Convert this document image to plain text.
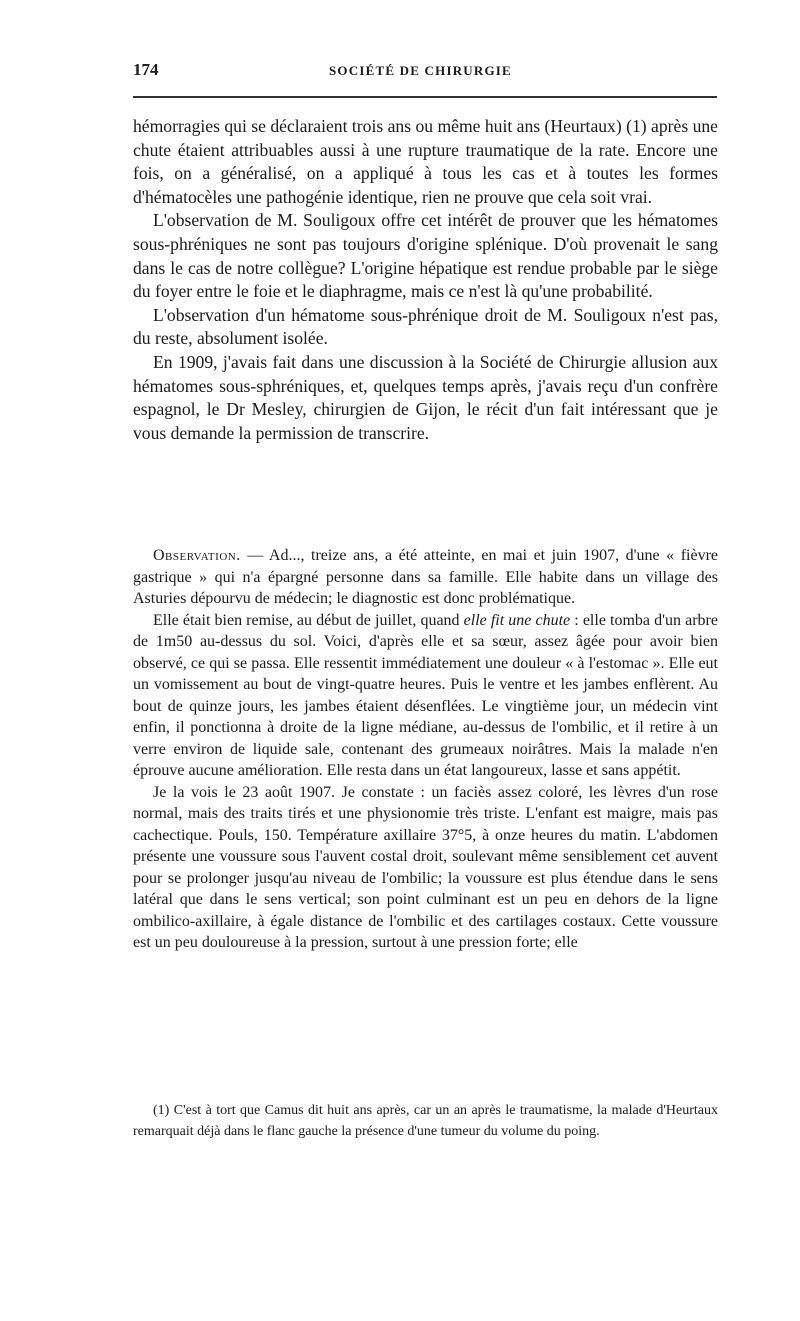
174	SOCIÉTÉ DE CHIRURGIE

hémorragies qui se déclaraient trois ans ou même huit ans (Heurtaux) (1) après une chute étaient attribuables aussi à une rupture traumatique de la rate. Encore une fois, on a généralisé, on a appliqué à tous les cas et à toutes les formes d'hématocèles une pathogénie identique, rien ne prouve que cela soit vrai.

L'observation de M. Souligoux offre cet intérêt de prouver que les hématomes sous-phréniques ne sont pas toujours d'origine splénique. D'où provenait le sang dans le cas de notre collègue? L'origine hépatique est rendue probable par le siège du foyer entre le foie et le diaphragme, mais ce n'est là qu'une probabilité.

L'observation d'un hématome sous-phrénique droit de M. Souligoux n'est pas, du reste, absolument isolée.

En 1909, j'avais fait dans une discussion à la Société de Chirurgie allusion aux hématomes sous-sphréniques, et, quelques temps après, j'avais reçu d'un confrère espagnol, le Dr Mesley, chirurgien de Gijon, le récit d'un fait intéressant que je vous demande la permission de transcrire.

Observation. — Ad..., treize ans, a été atteinte, en mai et juin 1907, d'une « fièvre gastrique » qui n'a épargné personne dans sa famille. Elle habite dans un village des Asturies dépourvu de médecin; le diagnostic est donc problématique.

Elle était bien remise, au début de juillet, quand elle fit une chute : elle tomba d'un arbre de 1m50 au-dessus du sol. Voici, d'après elle et sa sœur, assez âgée pour avoir bien observé, ce qui se passa. Elle ressentit immédiatement une douleur « à l'estomac ». Elle eut un vomissement au bout de vingt-quatre heures. Puis le ventre et les jambes enflèrent. Au bout de quinze jours, les jambes étaient désenflées. Le vingtième jour, un médecin vint enfin, il ponctionna à droite de la ligne médiane, au-dessus de l'ombilic, et il retire à un verre environ de liquide sale, contenant des grumeaux noirâtres. Mais la malade n'en éprouve aucune amélioration. Elle resta dans un état langoureux, lasse et sans appétit.

Je la vois le 23 août 1907. Je constate : un faciès assez coloré, les lèvres d'un rose normal, mais des traits tirés et une physionomie très triste. L'enfant est maigre, mais pas cachectique. Pouls, 150. Température axillaire 37°5, à onze heures du matin. L'abdomen présente une voussure sous l'auvent costal droit, soulevant même sensiblement cet auvent pour se prolonger jusqu'au niveau de l'ombilic; la voussure est plus étendue dans le sens latéral que dans le sens vertical; son point culminant est un peu en dehors de la ligne ombilico-axillaire, à égale distance de l'ombilic et des cartilages costaux. Cette voussure est un peu douloureuse à la pression, surtout à une pression forte; elle

(1) C'est à tort que Camus dit huit ans après, car un an après le traumatisme, la malade d'Heurtaux remarquait déjà dans le flanc gauche la présence d'une tumeur du volume du poing.
